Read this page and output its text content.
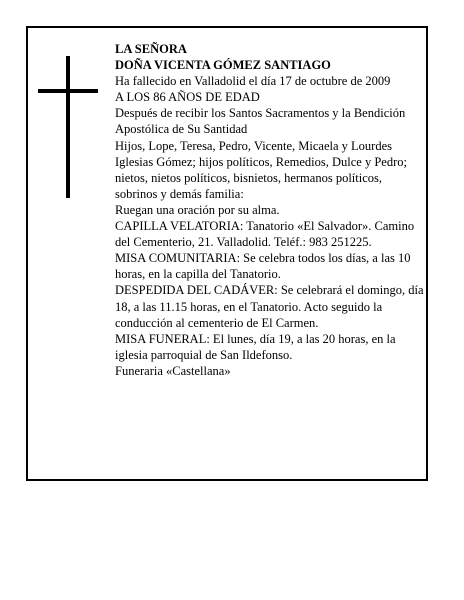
LA SEÑORA

DOÑA VICENTA GÓMEZ SANTIAGO

Ha fallecido en Valladolid el día 17 de octubre de 2009

A LOS 86 AÑOS DE EDAD

Después de recibir los Santos Sacramentos y la Bendición Apostólica de Su Santidad

Hijos, Lope, Teresa, Pedro, Vicente, Micaela y Lourdes Iglesias Gómez; hijos políticos, Remedios, Dulce y Pedro; nietos, nietos políticos, bisnietos, hermanos políticos, sobrinos y demás familia:

Ruegan una oración por su alma.

CAPILLA VELATORIA: Tanatorio «El Salvador». Camino del Cementerio, 21. Valladolid. Teléf.: 983 251225.

MISA COMUNITARIA: Se celebra todos los días, a las 10 horas, en la capilla del Tanatorio.

DESPEDIDA DEL CADÁVER: Se celebrará el domingo, día 18, a las 11.15 horas, en el Tanatorio. Acto seguido la conducción al cementerio de El Carmen.

MISA FUNERAL: El lunes, día 19, a las 20 horas, en la iglesia parroquial de San Ildefonso.

Funeraria «Castellana»
